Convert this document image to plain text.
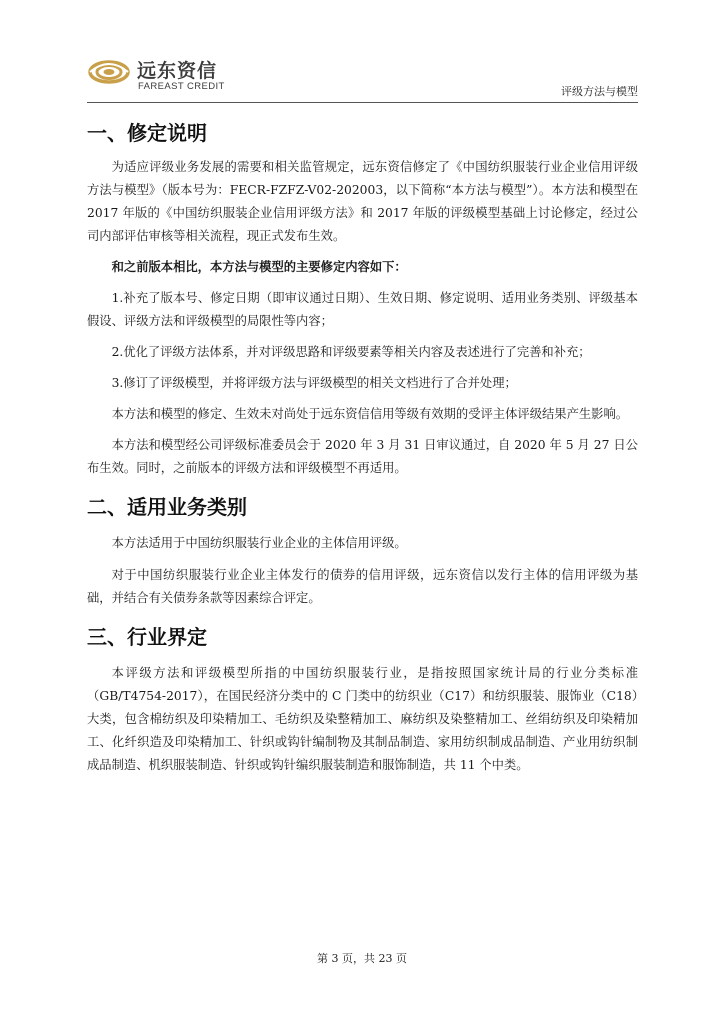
远东资信
FAREAST CREDIT	评级方法与模型
一、修定说明

为适应评级业务发展的需要和相关监管规定，远东资信修定了《中国纺织服装行业企业信用评级方法与模型》（版本号为：FECR-FZFZ-V02-202003，以下简称“本方法与模型”）。本方法和模型在 2017 年版的《中国纺织服装企业信用评级方法》和 2017 年版的评级模型基础上讨论修定，经过公司内部评估审核等相关流程，现正式发布生效。

和之前版本相比，本方法与模型的主要修定内容如下：

1.补充了版本号、修定日期（即审议通过日期）、生效日期、修定说明、适用业务类别、评级基本假设、评级方法和评级模型的局限性等内容；

2.优化了评级方法体系，并对评级思路和评级要素等相关内容及表述进行了完善和补充；

3.修订了评级模型，并将评级方法与评级模型的相关文档进行了合并处理；

本方法和模型的修定、生效未对尚处于远东资信信用等级有效期的受评主体评级结果产生影响。

本方法和模型经公司评级标准委员会于 2020 年 3 月 31 日审议通过，自 2020 年 5 月 27 日公布生效。同时，之前版本的评级方法和评级模型不再适用。

二、适用业务类别

本方法适用于中国纺织服装行业企业的主体信用评级。

对于中国纺织服装行业企业主体发行的债券的信用评级，远东资信以发行主体的信用评级为基础，并结合有关债券条款等因素综合评定。

三、行业界定

本评级方法和评级模型所指的中国纺织服装行业，是指按照国家统计局的行业分类标准（GB/T4754-2017），在国民经济分类中的 C 门类中的纺织业（C17）和纺织服装、服饰业（C18）大类，包含棉纺织及印染精加工、毛纺织及染整精加工、麻纺织及染整精加工、丝绢纺织及印染精加工、化纤织造及印染精加工、针织或钩针编制物及其制品制造、家用纺织制成品制造、产业用纺织制成品制造、机织服装制造、针织或钩针编织服装制造和服饰制造，共 11 个中类。

第 3 页，共 23 页
